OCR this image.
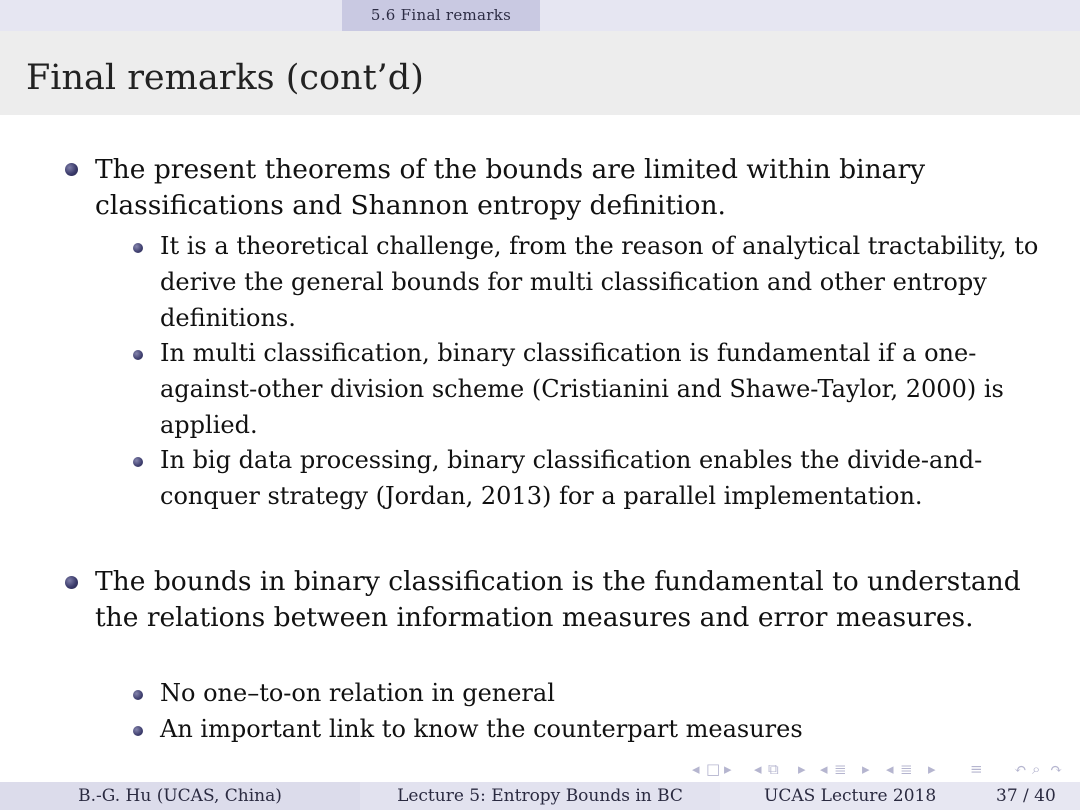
5.6 Final remarks
Final remarks (cont’d)
The present theorems of the bounds are limited within binary classifications and Shannon entropy definition.
It is a theoretical challenge, from the reason of analytical tractability, to derive the general bounds for multi classification and other entropy definitions.
In multi classification, binary classification is fundamental if a one-against-other division scheme (Cristianini and Shawe-Taylor, 2000) is applied.
In big data processing, binary classification enables the divide-and-conquer strategy (Jordan, 2013) for a parallel implementation.
The bounds in binary classification is the fundamental to understand the relations between information measures and error measures.
No one–to-on relation in general
An important link to know the counterpart measures
◂ □ ▸ ◂ ⧉ ▸ ◂ ≣ ▸ ◂ ≣ ▸ ≡ ↶ ⌕ ↷
B.-G. Hu (UCAS, China)	Lecture 5: Entropy Bounds in BC	UCAS Lecture 2018	37 / 40
